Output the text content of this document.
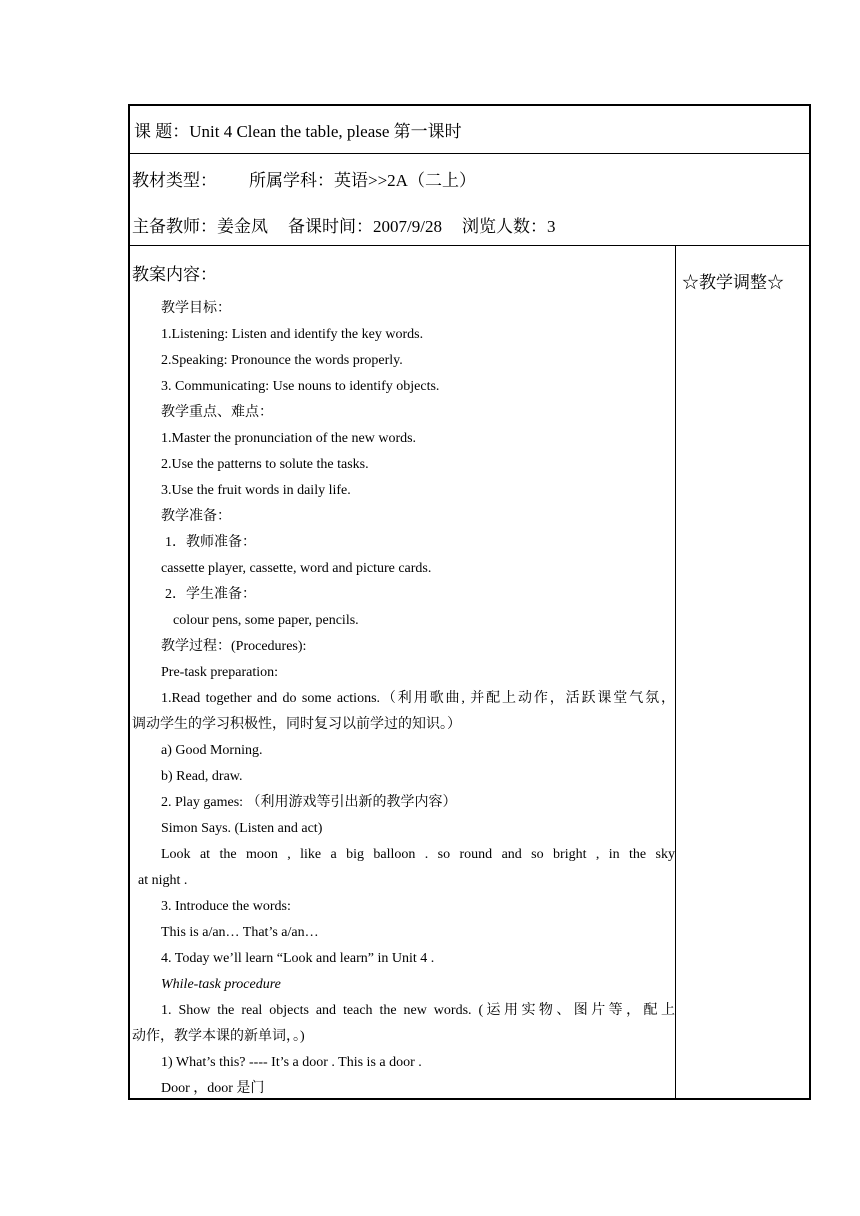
课 题：Unit 4 Clean the table, please 第一课时
教材类型： 所属学科：英语>>2A（二上）
主备教师：姜金凤 备课时间：2007/9/28 浏览人数：3
教案内容：
教学目标：
1.Listening: Listen and identify the key words.
2.Speaking: Pronounce the words properly.
3. Communicating: Use nouns to identify objects.
教学重点、难点：
1.Master the pronunciation of the new words.
2.Use the patterns to solute the tasks.
3.Use the fruit words in daily life.
教学准备：
1．教师准备：
cassette player, cassette, word and picture cards.
2．学生准备：
colour pens, some paper, pencils.
教学过程：(Procedures):
Pre-task preparation:
1.Read together and do some actions.（利用歌曲, 并配上动作，活跃课堂气氛，
调动学生的学习积极性，同时复习以前学过的知识。）
a) Good Morning.
b) Read, draw.
2. Play games: （利用游戏等引出新的教学内容）
Simon Says. (Listen and act)
Look at the moon , like a big balloon . so round and so bright , in the sky
at night .
3. Introduce the words:
This is a/an… That’s a/an…
4. Today we’ll learn “Look and learn” in Unit 4 .
While-task procedure
1. Show the real objects and teach the new words. (运用实物、图片等，配上
动作，教学本课的新单词，。)
1) What’s this? ---- It’s a door . This is a door .
Door ，door 是门
☆教学调整☆
